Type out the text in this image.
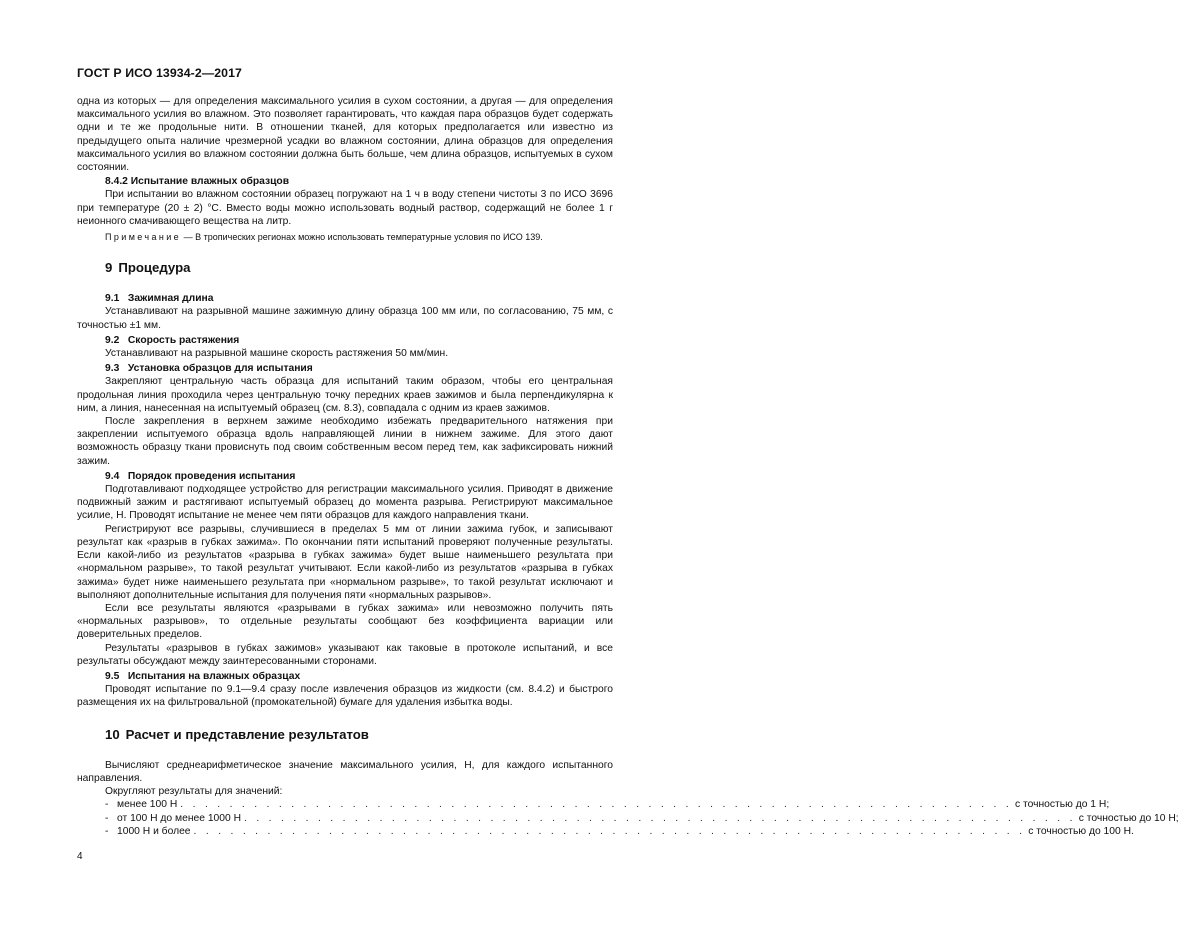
ГОСТ Р ИСО 13934-2—2017

одна из которых — для определения максимального усилия в сухом состоянии, а другая — для определения максимального усилия во влажном. Это позволяет гарантировать, что каждая пара образцов будет содержать одни и те же продольные нити. В отношении тканей, для которых предполагается или известно из предыдущего опыта наличие чрезмерной усадки во влажном состоянии, длина образцов для определения максимального усилия во влажном состоянии должна быть больше, чем длина образцов, испытуемых в сухом состоянии.

8.4.2 Испытание влажных образцов

При испытании во влажном состоянии образец погружают на 1 ч в воду степени чистоты 3 по ИСО 3696 при температуре (20 ± 2) °С. Вместо воды можно использовать водный раствор, содержащий не более 1 г неионного смачивающего вещества на литр.

Примечание — В тропических регионах можно использовать температурные условия по ИСО 139.

9 Процедура

9.1 Зажимная длина

Устанавливают на разрывной машине зажимную длину образца 100 мм или, по согласованию, 75 мм, с точностью ±1 мм.

9.2 Скорость растяжения

Устанавливают на разрывной машине скорость растяжения 50 мм/мин.

9.3 Установка образцов для испытания

Закрепляют центральную часть образца для испытаний таким образом, чтобы его центральная продольная линия проходила через центральную точку передних краев зажимов и была перпендикулярна к ним, а линия, нанесенная на испытуемый образец (см. 8.3), совпадала с одним из краев зажимов.

После закрепления в верхнем зажиме необходимо избежать предварительного натяжения при закреплении испытуемого образца вдоль направляющей линии в нижнем зажиме. Для этого дают возможность образцу ткани провиснуть под своим собственным весом перед тем, как зафиксировать нижний зажим.

9.4 Порядок проведения испытания

Подготавливают подходящее устройство для регистрации максимального усилия. Приводят в движение подвижный зажим и растягивают испытуемый образец до момента разрыва. Регистрируют максимальное усилие, Н. Проводят испытание не менее чем пяти образцов для каждого направления ткани.

Регистрируют все разрывы, случившиеся в пределах 5 мм от линии зажима губок, и записывают результат как «разрыв в губках зажима». По окончании пяти испытаний проверяют полученные результаты. Если какой-либо из результатов «разрыва в губках зажима» будет выше наименьшего результата при «нормальном разрыве», то такой результат учитывают. Если какой-либо из результатов «разрыва в губках зажима» будет ниже наименьшего результата при «нормальном разрыве», то такой результат исключают и выполняют дополнительные испытания для получения пяти «нормальных разрывов».

Если все результаты являются «разрывами в губках зажима» или невозможно получить пять «нормальных разрывов», то отдельные результаты сообщают без коэффициента вариации или доверительных пределов.

Результаты «разрывов в губках зажимов» указывают как таковые в протоколе испытаний, и все результаты обсуждают между заинтересованными сторонами.

9.5 Испытания на влажных образцах

Проводят испытание по 9.1—9.4 сразу после извлечения образцов из жидкости (см. 8.4.2) и быстрого размещения их на фильтровальной (промокательной) бумаге для удаления избытка воды.

10 Расчет и представление результатов

Вычисляют среднеарифметическое значение максимального усилия, Н, для каждого испытанного направления.

Округляют результаты для значений:

- менее 100 Н . . . . . . . . . . . . . . . . . . . . . . . . . . . . . . . . . . . . . . . . . . . . . . . . . . . . . . . . . . . . . . . . . . . . с точностью до 1 Н;
- от 100 Н до менее 1000 Н . . . . . . . . . . . . . . . . . . . . . . . . . . . . . . . . . . . . . . . . . . . . . . . . . . . . . . . . . . . . . . . . . . . . с точностью до 10 Н;
- 1000 Н и более . . . . . . . . . . . . . . . . . . . . . . . . . . . . . . . . . . . . . . . . . . . . . . . . . . . . . . . . . . . . . . . . . . . . с точностью до 100 Н.
4
